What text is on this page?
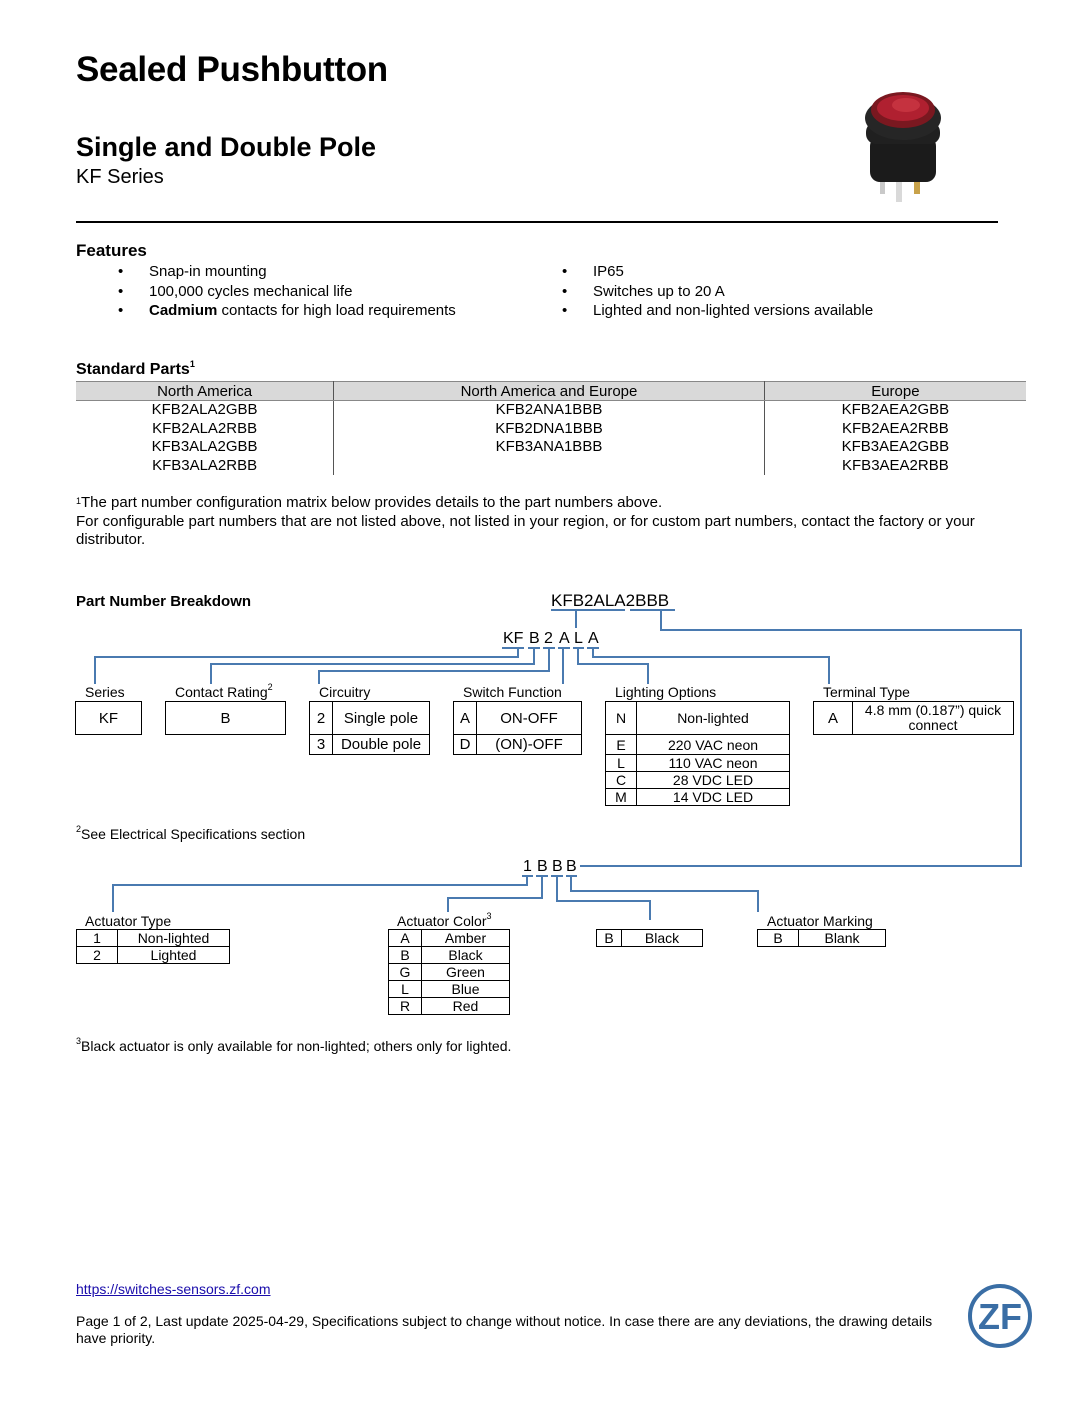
Sealed Pushbutton
Single and Double Pole
KF Series
Features
• Snap-in mounting
• 100,000 cycles mechanical life
• Cadmium contacts for high load requirements
• IP65
• Switches up to 20 A
• Lighted and non-lighted versions available
Standard Parts$^1$
North America	North America and Europe	Europe
KFB2ALA2GBB	KFB2ANA1BBB	KFB2AEA2GBB
KFB2ALA2RBB	KFB2DNA1BBB	KFB2AEA2RBB
KFB3ALA2GBB	KFB3ANA1BBB	KFB3AEA2GBB
KFB3ALA2RBB		KFB3AEA2RBB
$^1$The part number configuration matrix below provides details to the part numbers above.
For configurable part numbers that are not listed above, not listed in your region, or for custom part numbers, contact the factory or your distributor.
Part Number Breakdown	KFB2ALA2BBB
KF B 2 A L A
Series	Contact Rating$^2$	Circuitry	Switch Function	Lighting Options	Terminal Type
KF	B	2	Single pole
3	Double pole
A	ON-OFF
D	(ON)-OFF
N	Non-lighted
E	220 VAC neon
L	110 VAC neon
C	28 VDC LED
M	14 VDC LED
A	4.8 mm (0.187”) quick connect
$^2$See Electrical Specifications section
1 B B B
Actuator Type	Actuator Color$^3$	Actuator Marking
1	Non-lighted
2	Lighted
A	Amber
B	Black
G	Green
L	Blue
R	Red
B	Black	B	Blank
$^3$Black actuator is only available for non-lighted; others only for lighted.
https://switches-sensors.zf.com
Page 1 of 2, Last update 2025-04-29, Specifications subject to change without notice. In case there are any deviations, the drawing details have priority.
ZF
